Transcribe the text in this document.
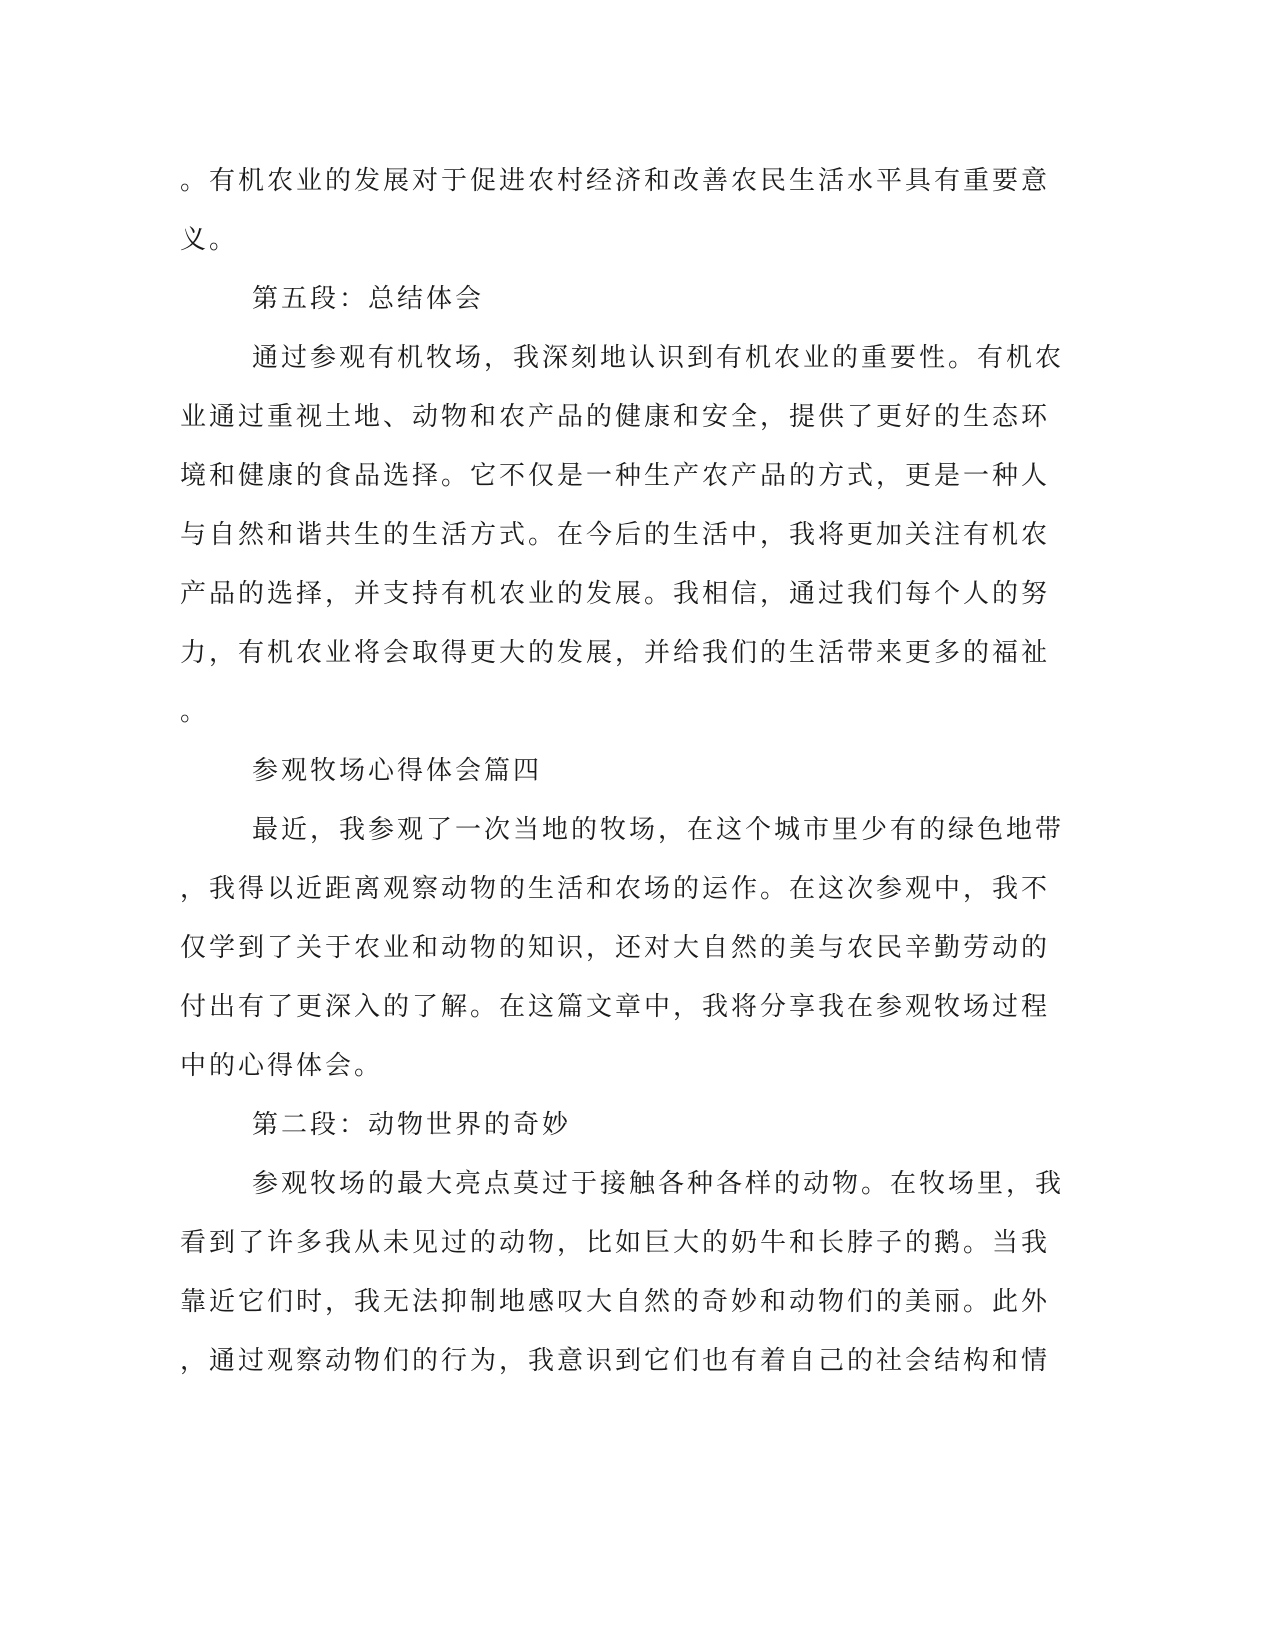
。有机农业的发展对于促进农村经济和改善农民生活水平具有重要意
义。
第五段：总结体会
通过参观有机牧场，我深刻地认识到有机农业的重要性。有机农
业通过重视土地、动物和农产品的健康和安全，提供了更好的生态环
境和健康的食品选择。它不仅是一种生产农产品的方式，更是一种人
与自然和谐共生的生活方式。在今后的生活中，我将更加关注有机农
产品的选择，并支持有机农业的发展。我相信，通过我们每个人的努
力，有机农业将会取得更大的发展，并给我们的生活带来更多的福祉
。
参观牧场心得体会篇四
最近，我参观了一次当地的牧场，在这个城市里少有的绿色地带
，我得以近距离观察动物的生活和农场的运作。在这次参观中，我不
仅学到了关于农业和动物的知识，还对大自然的美与农民辛勤劳动的
付出有了更深入的了解。在这篇文章中，我将分享我在参观牧场过程
中的心得体会。
第二段：动物世界的奇妙
参观牧场的最大亮点莫过于接触各种各样的动物。在牧场里，我
看到了许多我从未见过的动物，比如巨大的奶牛和长脖子的鹅。当我
靠近它们时，我无法抑制地感叹大自然的奇妙和动物们的美丽。此外
，通过观察动物们的行为，我意识到它们也有着自己的社会结构和情
